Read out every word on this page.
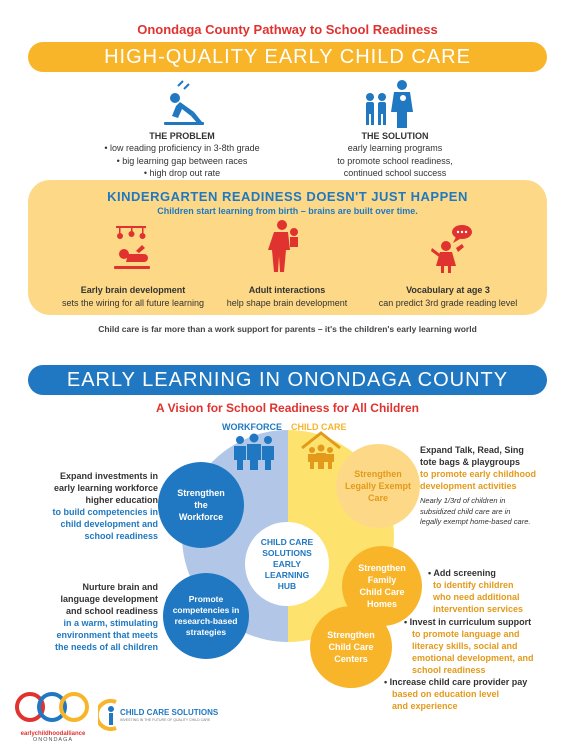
Onondaga County Pathway to School Readiness
HIGH-QUALITY EARLY CHILD CARE
THE PROBLEM
• low reading proficiency in 3-8th grade
• big learning gap between races
• high drop out rate
THE SOLUTION
early learning programs
to promote school readiness,
continued school success
KINDERGARTEN READINESS DOESN'T JUST HAPPEN
Children start learning from birth – brains are built over time.
Early brain development
sets the wiring for all future learning
Adult interactions
help shape brain development
Vocabulary at age 3
can predict 3rd grade reading level
Child care is far more than a work support for parents – it's the children's early learning world
EARLY LEARNING IN ONONDAGA COUNTY
A Vision for School Readiness for All Children
WORKFORCE CHILD CARE
CHILD CARE
SOLUTIONS
EARLY
LEARNING
HUB
Strengthen
the
Workforce
Promote
competencies in
research-based
strategies
Strengthen
Legally Exempt
Care
Strengthen
Family
Child Care
Homes
Strengthen
Child Care
Centers
Expand investments in
early learning workforce
higher education
to build competencies in
child development and
school readiness
Nurture brain and
language development
and school readiness
in a warm, stimulating
environment that meets
the needs of all children
Expand Talk, Read, Sing
tote bags & playgroups
to promote early childhood
development activities
Nearly 1/3rd of children in
subsidized child care are in
legally exempt home-based care.
• Add screening
to identify children
who need additional
intervention services
• Invest in curriculum support
to promote language and
literacy skills, social and
emotional development, and
school readiness
• Increase child care provider pay
based on education level
and experience
earlychildhoodalliance
ONONDAGA
CHILD CARE SOLUTIONS
INVESTING IN THE FUTURE OF QUALITY CHILD CARE
